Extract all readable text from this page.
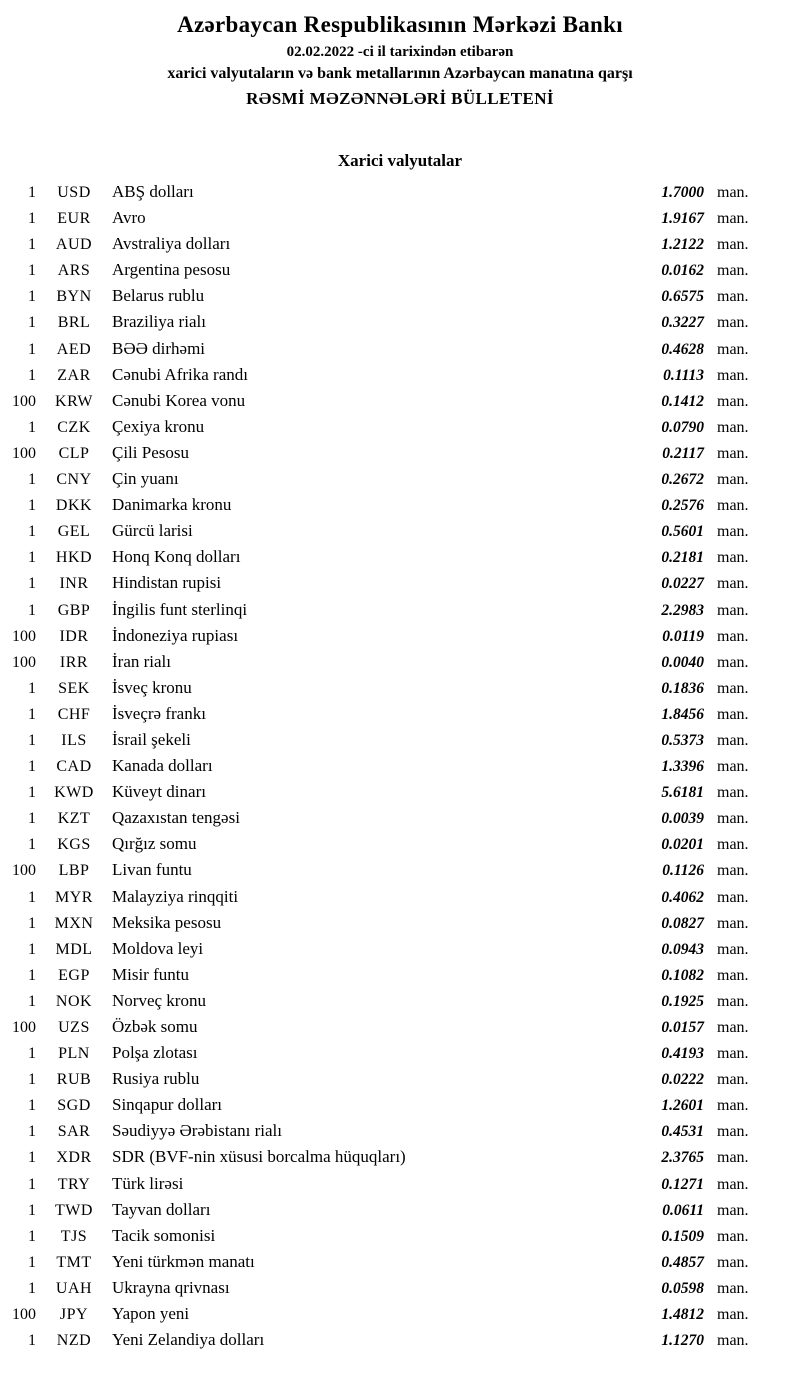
Azərbaycan Respublikasının Mərkəzi Bankı
02.02.2022 -ci il tarixindən etibarən
xarici valyutaların və bank metallarının Azərbaycan manatına qarşı
RƏSMİ MƏZƏNNƏLƏRİ BÜLLETENİ
Xarici valyutalar
1	USD	ABŞ dolları	1.7000 man.
1	EUR	Avro	1.9167 man.
1	AUD	Avstraliya dolları	1.2122 man.
1	ARS	Argentina pesosu	0.0162 man.
1	BYN	Belarus rublu	0.6575 man.
1	BRL	Braziliya rialı	0.3227 man.
1	AED	BƏƏ dirhəmi	0.4628 man.
1	ZAR	Cənubi Afrika randı	0.1113 man.
100	KRW	Cənubi Korea vonu	0.1412 man.
1	CZK	Çexiya kronu	0.0790 man.
100	CLP	Çili Pesosu	0.2117 man.
1	CNY	Çin yuanı	0.2672 man.
1	DKK	Danimarka kronu	0.2576 man.
1	GEL	Gürcü larisi	0.5601 man.
1	HKD	Honq Konq dolları	0.2181 man.
1	INR	Hindistan rupisi	0.0227 man.
1	GBP	İngilis funt sterlinqi	2.2983 man.
100	IDR	İndoneziya rupiası	0.0119 man.
100	IRR	İran rialı	0.0040 man.
1	SEK	İsveç kronu	0.1836 man.
1	CHF	İsveçrə frankı	1.8456 man.
1	ILS	İsrail şekeli	0.5373 man.
1	CAD	Kanada dolları	1.3396 man.
1	KWD	Küveyt dinarı	5.6181 man.
1	KZT	Qazaxıstan tengəsi	0.0039 man.
1	KGS	Qırğız somu	0.0201 man.
100	LBP	Livan funtu	0.1126 man.
1	MYR	Malayziya rinqqiti	0.4062 man.
1	MXN	Meksika pesosu	0.0827 man.
1	MDL	Moldova leyi	0.0943 man.
1	EGP	Misir funtu	0.1082 man.
1	NOK	Norveç kronu	0.1925 man.
100	UZS	Özbək somu	0.0157 man.
1	PLN	Polşa zlotası	0.4193 man.
1	RUB	Rusiya rublu	0.0222 man.
1	SGD	Sinqapur dolları	1.2601 man.
1	SAR	Səudiyyə Ərəbistanı rialı	0.4531 man.
1	XDR	SDR (BVF-nin xüsusi borcalma hüquqları)	2.3765 man.
1	TRY	Türk lirəsi	0.1271 man.
1	TWD	Tayvan dolları	0.0611 man.
1	TJS	Tacik somonisi	0.1509 man.
1	TMT	Yeni türkmən manatı	0.4857 man.
1	UAH	Ukrayna qrivnası	0.0598 man.
100	JPY	Yapon yeni	1.4812 man.
1	NZD	Yeni Zelandiya dolları	1.1270 man.
